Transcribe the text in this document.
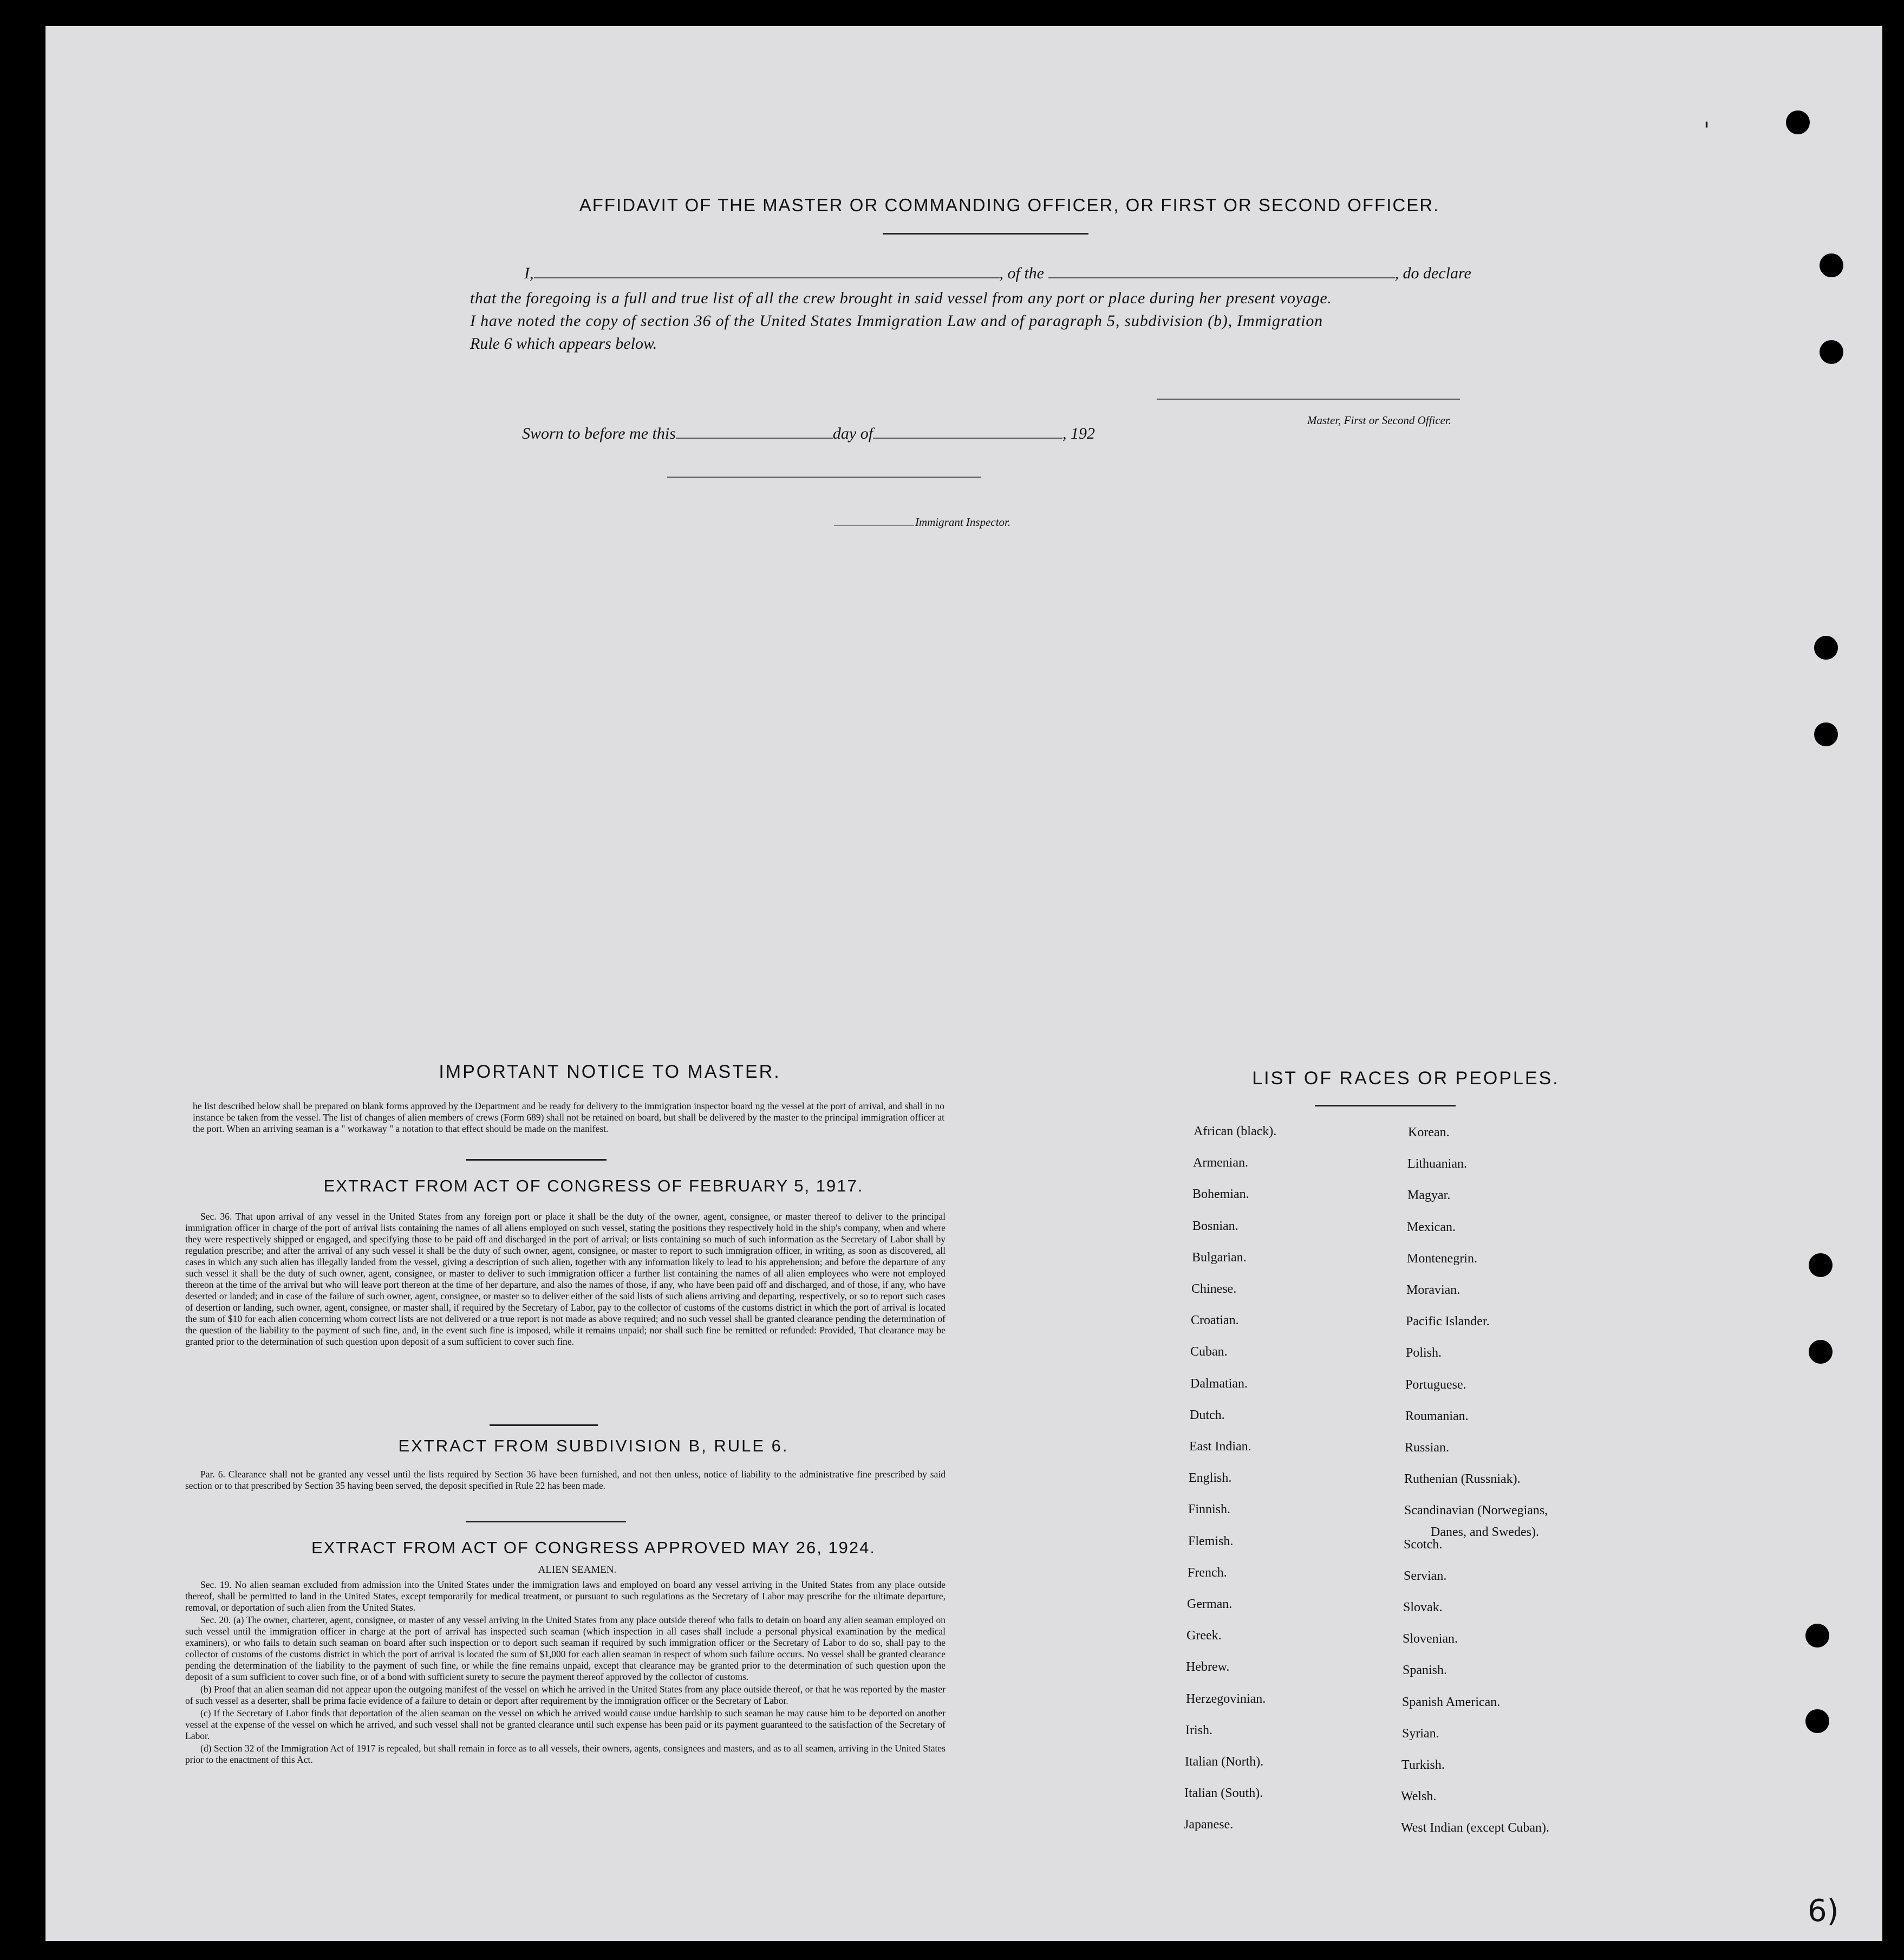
AFFIDAVIT OF THE MASTER OR COMMANDING OFFICER, OR FIRST OR SECOND OFFICER.
I,	, of the	, do declare
that the foregoing is a full and true list of all the crew brought in said vessel from any port or place during her present voyage.
I have noted the copy of section 36 of the United States Immigration Law and of paragraph 5, subdivision (b), Immigration
Rule 6 which appears below.
Master, First or Second Officer.
Sworn to before me this	day of	, 192
Immigrant Inspector.
IMPORTANT NOTICE TO MASTER.
he list described below shall be prepared on blank forms approved by the Department and be ready for delivery to the immigration inspector board ng the vessel at the port of arrival, and shall in no instance be taken from the vessel. The list of changes of alien members of crews (Form 689) shall not be retained on board, but shall be delivered by the master to the principal immigration officer at the port. When an arriving seaman is a " workaway " a notation to that effect should be made on the manifest.
EXTRACT FROM ACT OF CONGRESS OF FEBRUARY 5, 1917.

Sec. 36. That upon arrival of any vessel in the United States from any foreign port or place it shall be the duty of the owner, agent, consignee, or master thereof to deliver to the principal immigration officer in charge of the port of arrival lists containing the names of all aliens employed on such vessel, stating the positions they respectively hold in the ship's company, when and where they were respectively shipped or engaged, and specifying those to be paid off and discharged in the port of arrival; or lists containing so much of such information as the Secretary of Labor shall by regulation prescribe; and after the arrival of any such vessel it shall be the duty of such owner, agent, consignee, or master to report to such immigration officer, in writing, as soon as discovered, all cases in which any such alien has illegally landed from the vessel, giving a description of such alien, together with any information likely to lead to his apprehension; and before the departure of any such vessel it shall be the duty of such owner, agent, consignee, or master to deliver to such immigration officer a further list containing the names of all alien employees who were not employed thereon at the time of the arrival but who will leave port thereon at the time of her departure, and also the names of those, if any, who have been paid off and discharged, and of those, if any, who have deserted or landed; and in case of the failure of such owner, agent, consignee, or master so to deliver either of the said lists of such aliens arriving and departing, respectively, or so to report such cases of desertion or landing, such owner, agent, consignee, or master shall, if required by the Secretary of Labor, pay to the collector of customs of the customs district in which the port of arrival is located the sum of $10 for each alien concerning whom correct lists are not delivered or a true report is not made as above required; and no such vessel shall be granted clearance pending the determination of the question of the liability to the payment of such fine, and, in the event such fine is imposed, while it remains unpaid; nor shall such fine be remitted or refunded: Provided, That clearance may be granted prior to the determination of such question upon deposit of a sum sufficient to cover such fine.

EXTRACT FROM SUBDIVISION B, RULE 6.

Par. 6. Clearance shall not be granted any vessel until the lists required by Section 36 have been furnished, and not then unless, notice of liability to the administrative fine prescribed by said section or to that prescribed by Section 35 having been served, the deposit specified in Rule 22 has been made.

EXTRACT FROM ACT OF CONGRESS APPROVED MAY 26, 1924.
ALIEN SEAMEN.

Sec. 19. No alien seaman excluded from admission into the United States under the immigration laws and employed on board any vessel arriving in the United States from any place outside thereof, shall be permitted to land in the United States, except temporarily for medical treatment, or pursuant to such regulations as the Secretary of Labor may prescribe for the ultimate departure, removal, or deportation of such alien from the United States.

Sec. 20. (a) The owner, charterer, agent, consignee, or master of any vessel arriving in the United States from any place outside thereof who fails to detain on board any alien seaman employed on such vessel until the immigration officer in charge at the port of arrival has inspected such seaman (which inspection in all cases shall include a personal physical examination by the medical examiners), or who fails to detain such seaman on board after such inspection or to deport such seaman if required by such immigration officer or the Secretary of Labor to do so, shall pay to the collector of customs of the customs district in which the port of arrival is located the sum of $1,000 for each alien seaman in respect of whom such failure occurs. No vessel shall be granted clearance pending the determination of the liability to the payment of such fine, or while the fine remains unpaid, except that clearance may be granted prior to the determination of such question upon the deposit of a sum sufficient to cover such fine, or of a bond with sufficient surety to secure the payment thereof approved by the collector of customs.

(b) Proof that an alien seaman did not appear upon the outgoing manifest of the vessel on which he arrived in the United States from any place outside thereof, or that he was reported by the master of such vessel as a deserter, shall be prima facie evidence of a failure to detain or deport after requirement by the immigration officer or the Secretary of Labor.

(c) If the Secretary of Labor finds that deportation of the alien seaman on the vessel on which he arrived would cause undue hardship to such seaman he may cause him to be deported on another vessel at the expense of the vessel on which he arrived, and such vessel shall not be granted clearance until such expense has been paid or its payment guaranteed to the satisfaction of the Secretary of Labor.

(d) Section 32 of the Immigration Act of 1917 is repealed, but shall remain in force as to all vessels, their owners, agents, consignees and masters, and as to all seamen, arriving in the United States prior to the enactment of this Act.

LIST OF RACES OR PEOPLES.
African (black).
Armenian.
Bohemian.
Bosnian.
Bulgarian.
Chinese.
Croatian.
Cuban.
Dalmatian.
Dutch.
East Indian.
English.
Finnish.
Flemish.
French.
German.
Greek.
Hebrew.
Herzegovinian.
Irish.
Italian (North).
Italian (South).
Japanese.
Korean.
Lithuanian.
Magyar.
Mexican.
Montenegrin.
Moravian.
Pacific Islander.
Polish.
Portuguese.
Roumanian.
Russian.
Ruthenian (Russniak).
Scandinavian (Norwegians,
Scotch.
Servian.
Slovak.
Slovenian.
Spanish.
Spanish American.
Syrian.
Turkish.
Welsh.
West Indian (except Cuban).
Danes, and Swedes).
6)
'
